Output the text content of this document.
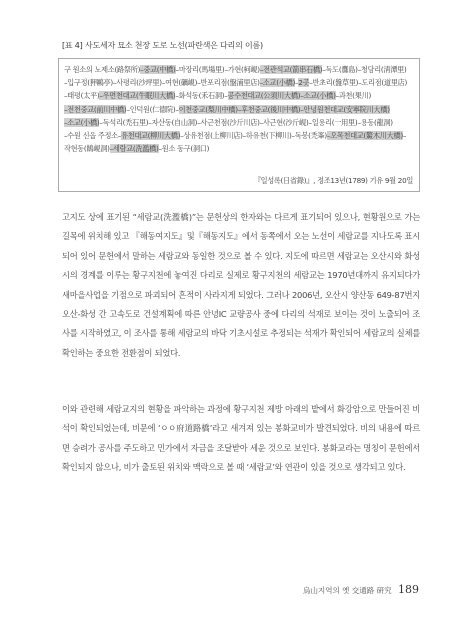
[표 4] 사도세자 묘소 천장 도로 노선(파란색은 다리의 이름)
구 원소의 노제소(路祭所)–중교(中橋)–마장리(馬場里)–가현(柯峴)–전관석교(箭串石橋)–독도(纛島)–청담리(淸潭里)–입구정(狎鷗亭)–사평리(沙坪里)–여현(礪峴)–반포리점(盤浦里店)–소교(小橋)–2곳–반초리(盤草里)–도리점(道里店)–태평(太平)–우면천대교(牛眠川大橋)–화석동(禾石洞)–공수천대교(公須川大橋)–소교(小橋)–과천(果川)–전천중교(前川中橋)–인덕원(仁德院)–이천중교(梨川中橋)–후천중교(後川中橋)–안녕원천대교(安寧院川大橋)–소교(小橋)–독석리(禿石里)–자산동(自山洞)–사근천점(沙斤川店)–사근현(沙斤峴)–일용리(一用里)–용동(龍洞)–수원 신읍 주정소–유천대교(柳川大橋)–상유천점(上柳川店)–하유천(下柳川)–독봉(禿峯)–오목천대교(鰲木川大橋)–작현동(鵲峴洞)–세람교(洗濫橋)–원소 동구(洞口)
『일성록(日省錄)』, 정조13년(1789) 기유 9월 20일

고지도 상에 표기된 “세람교(洗濫橋)”는 문헌상의 한자와는 다르게 표기되어 있으나, 현황원으로 가는 길목에 위치해 있고 『해동여지도』및『해동지도』에서 동쪽에서 오는 노선이 세람교를 지나도록 표시되어 있어 문헌에서 말하는 세람교와 동일한 것으로 볼 수 있다. 지도에 따르면 세람교는 오산시와 화성시의 경계를 이루는 황구지천에 놓여진 다리로 실제로 황구지천의 세람교는 1970년대까지 유지되다가 새마을사업을 기점으로 파괴되어 흔적이 사라지게 되었다. 그러나 2006년, 오산시 양산동 649-87번지 오산-화성 간 고속도로 건설계획에 따른 안녕IC 교량공사 중에 다리의 석재로 보이는 것이 노출되어 조사를 시작하였고, 이 조사를 통해 세람교의 바닥 기초시설로 추정되는 석재가 확인되어 세람교의 실체를 확인하는 중요한 전환점이 되었다.

이와 관련해 세람교지의 현황을 파악하는 과정에 황구지천 제방 아래의 밭에서 화강암으로 만들어진 비석이 확인되었는데, 비문에 ‘ㅇㅇ府道路橋’라고 새겨져 있는 봉화교비가 발견되었다. 비의 내용에 따르면 승려가 공사를 주도하고 민가에서 자금을 조달받아 세운 것으로 보인다. 봉화교라는 명칭이 문헌에서 확인되지 않으나, 비가 출토된 위치와 맥락으로 볼 때 ‘세람교’와 연관이 있을 것으로 생각되고 있다.

烏山지역의 옛 交通路 硏究 189
